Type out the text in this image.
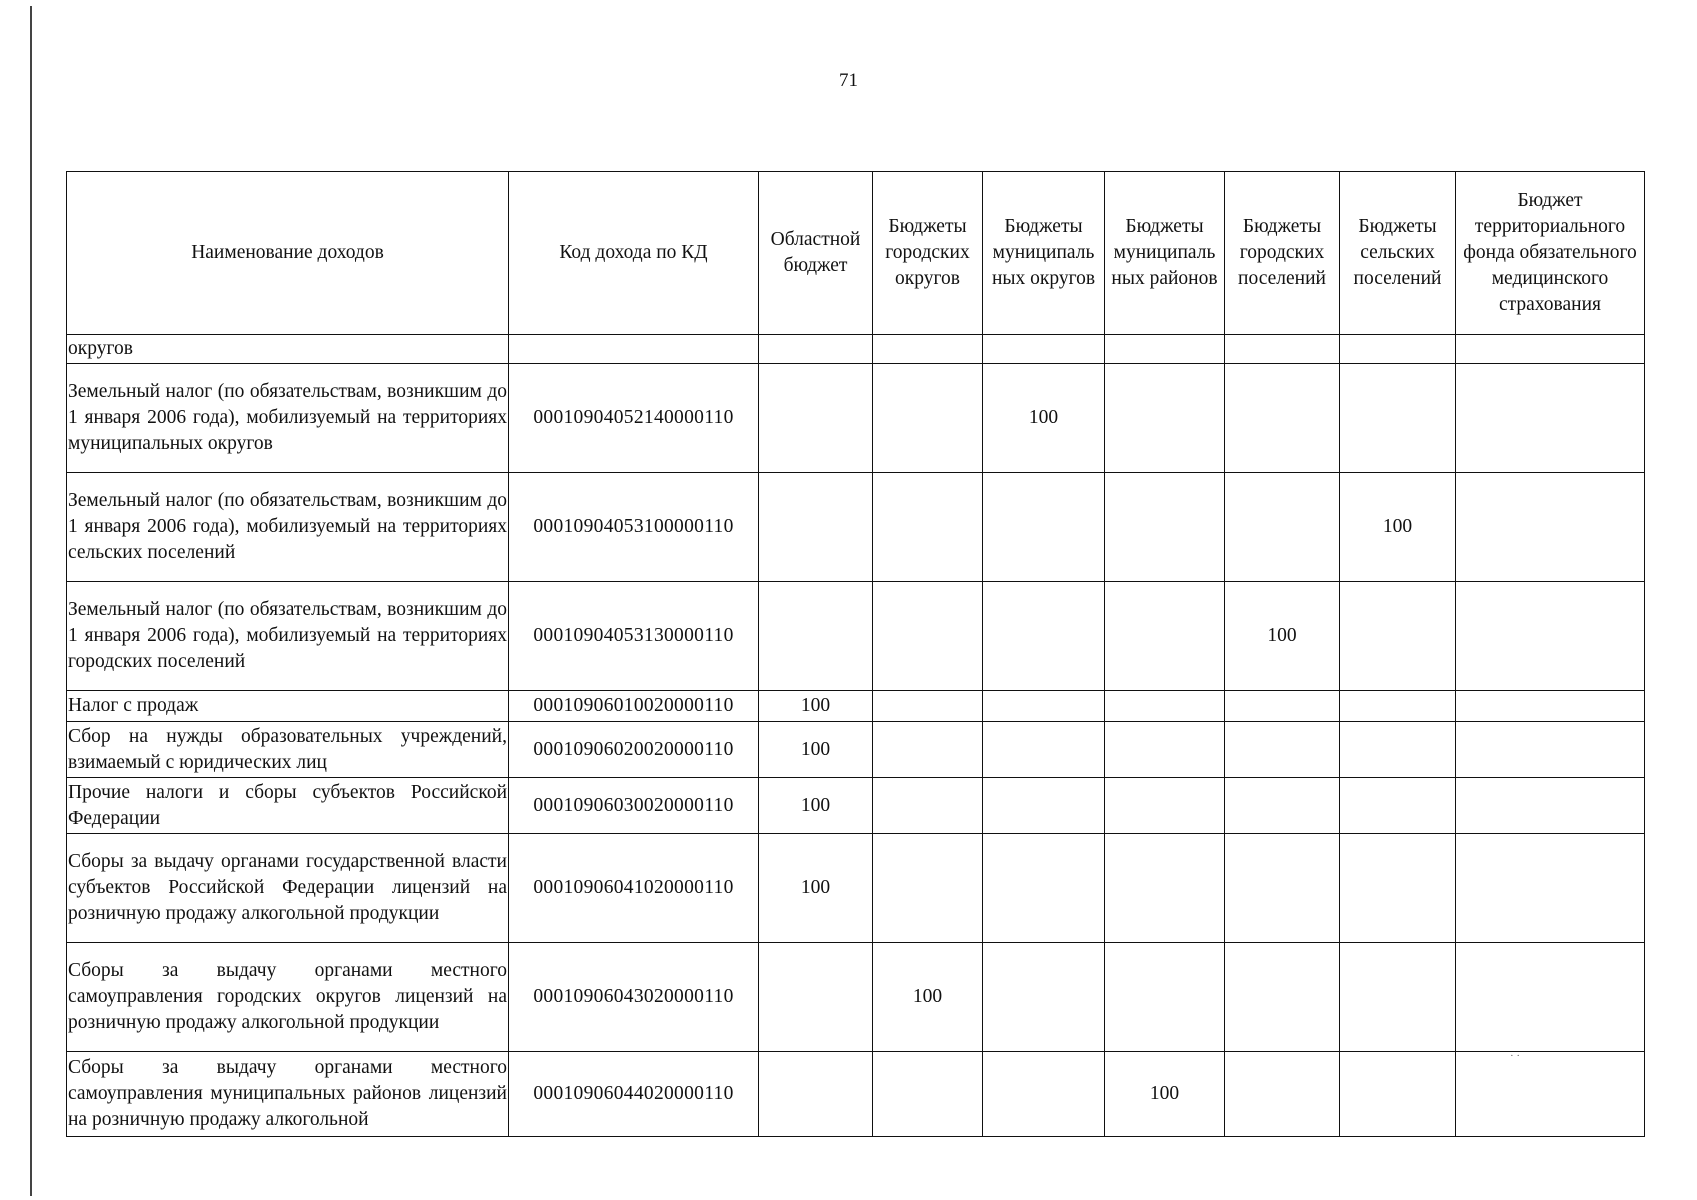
71
Наименование доходов	Код дохода по КД	Областной бюджет	Бюджеты городских округов	Бюджеты муниципаль ных округов	Бюджеты муниципаль ных районов	Бюджеты городских поселений	Бюджеты сельских поселений	Бюджет территориального фонда обязательного медицинского страхования
округов								
Земельный налог (по обязательствам, возникшим до 1 января 2006 года), мобилизуемый на территориях муниципальных округов	00010904052140000110			100				
Земельный налог (по обязательствам, возникшим до 1 января 2006 года), мобилизуемый на территориях сельских поселений	00010904053100000110						100	
Земельный налог (по обязательствам, возникшим до 1 января 2006 года), мобилизуемый на территориях городских поселений	00010904053130000110					100		
Налог с продаж	00010906010020000110	100						
Сбор на нужды образовательных учреждений, взимаемый с юридических лиц	00010906020020000110	100						
Прочие налоги и сборы субъектов Российской Федерации	00010906030020000110	100						
Сборы за выдачу органами государственной власти субъектов Российской Федерации лицензий на розничную продажу алкогольной продукции	00010906041020000110	100						
Сборы за выдачу органами местного самоуправления городских округов лицензий на розничную продажу алкогольной продукции	00010906043020000110		100					
Сборы за выдачу органами местного самоуправления муниципальных районов лицензий на розничную продажу алкогольной	00010906044020000110				100			
· ·
